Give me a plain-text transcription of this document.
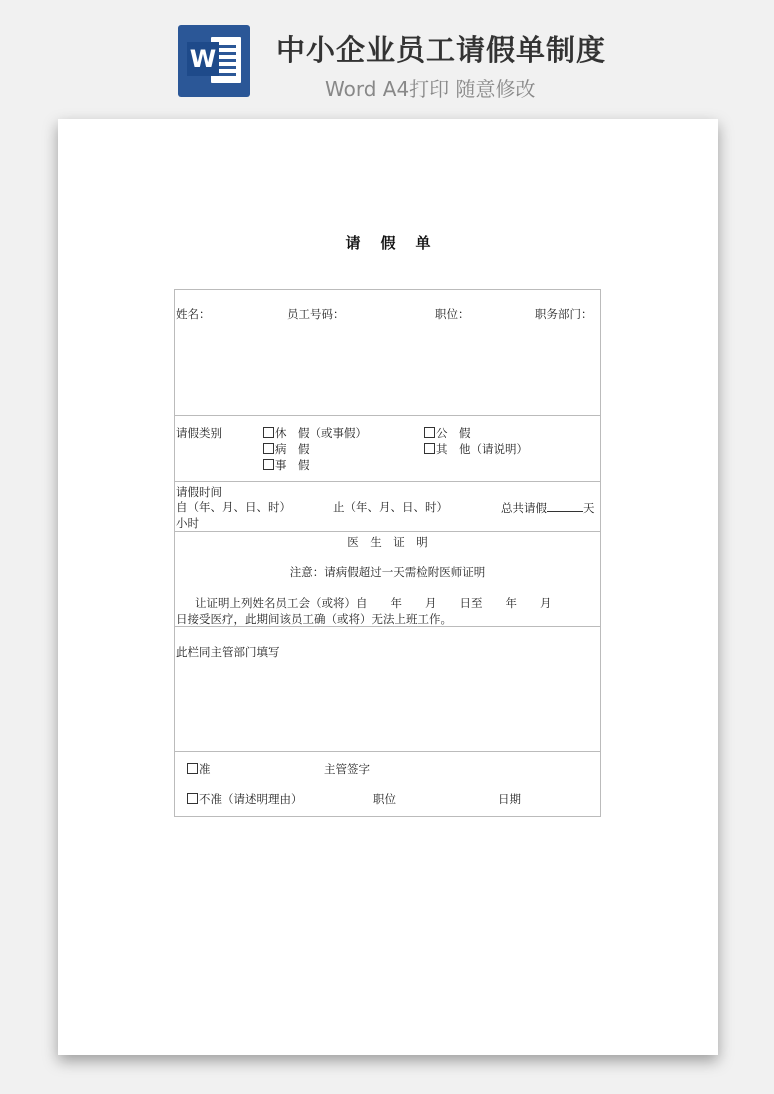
W 中小企业员工请假单制度
Word A4打印 随意修改

请假单
姓名：	员工号码：	职位：	职务部门：
请假类别	休　假（或事假）	公　假
病　假	其　他（请说明）
事　假
请假时间
自（年、月、日、时）	止（年、月、日、时）	总共请假	天
小时
医　生　证　明
注意：请病假超过一天需检附医师证明
让证明上列姓名员工会（或将）自　　年　　月　　日至　　年　　月
日接受医疗，此期间该员工确（或将）无法上班工作。
此栏同主管部门填写
准	主管签字
不准（请述明理由）	职位	日期
